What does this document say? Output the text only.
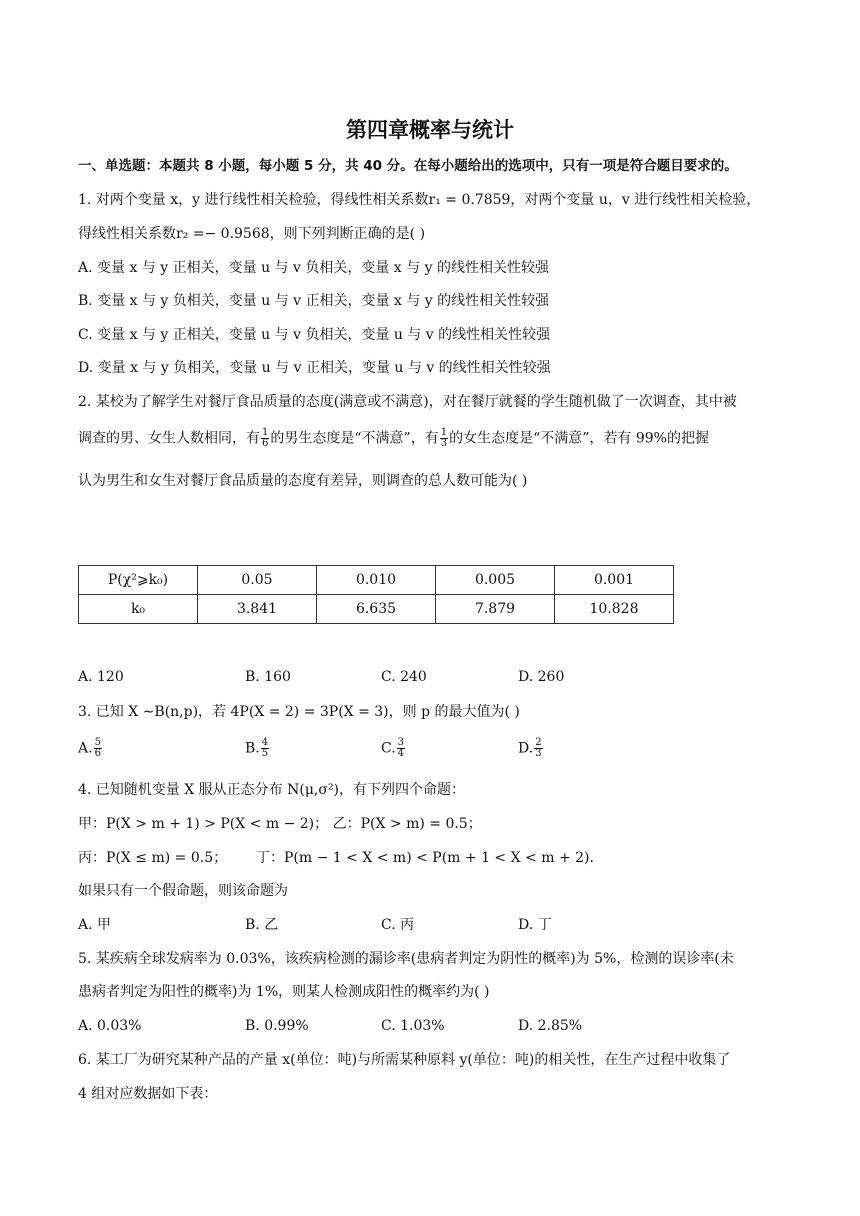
第四章概率与统计
一、单选题：本题共 8 小题，每小题 5 分，共 40 分。在每小题给出的选项中，只有一项是符合题目要求的。
1. 对两个变量 x，y 进行线性相关检验，得线性相关系数r₁ = 0.7859，对两个变量 u，v 进行线性相关检验，
得线性相关系数r₂ =− 0.9568，则下列判断正确的是( )
A. 变量 x 与 y 正相关，变量 u 与 v 负相关，变量 x 与 y 的线性相关性较强
B. 变量 x 与 y 负相关，变量 u 与 v 正相关，变量 x 与 y 的线性相关性较强
C. 变量 x 与 y 正相关，变量 u 与 v 负相关，变量 u 与 v 的线性相关性较强
D. 变量 x 与 y 负相关，变量 u 与 v 正相关，变量 u 与 v 的线性相关性较强
2. 某校为了解学生对餐厅食品质量的态度(满意或不满意)，对在餐厅就餐的学生随机做了一次调查，其中被
调查的男、女生人数相同，有 $\frac{1}{6}$ 的男生态度是“不满意”，有 $\frac{1}{3}$ 的女生态度是“不满意”，若有 99%的把握
认为男生和女生对餐厅食品质量的态度有差异，则调查的总人数可能为( )
P(χ²⩾k₀)	0.05	0.010	0.005	0.001
k₀	3.841	6.635	7.879	10.828
A. 120	B. 160	C. 240	D. 260
3. 已知 X ∼B(n,p)，若 4P(X = 2) = 3P(X = 3)，则 p 的最大值为( )
A. $\frac{5}{6}$	B. $\frac{4}{5}$	C. $\frac{3}{4}$	D. $\frac{2}{3}$
4. 已知随机变量 X 服从正态分布 N(μ,σ²)，有下列四个命题：
甲：P(X > m + 1) > P(X < m − 2)； 乙：P(X > m) = 0.5；
丙：P(X ≤ m) = 0.5； 丁：P(m − 1 < X < m) < P(m + 1 < X < m + 2).
如果只有一个假命题，则该命题为
A. 甲	B. 乙	C. 丙	D. 丁
5. 某疾病全球发病率为 0.03%，该疾病检测的漏诊率(患病者判定为阴性的概率)为 5%，检测的误诊率(未
患病者判定为阳性的概率)为 1%，则某人检测成阳性的概率约为( )
A. 0.03%	B. 0.99%	C. 1.03%	D. 2.85%
6. 某工厂为研究某种产品的产量 x(单位：吨)与所需某种原料 y(单位：吨)的相关性，在生产过程中收集了
4 组对应数据如下表：
